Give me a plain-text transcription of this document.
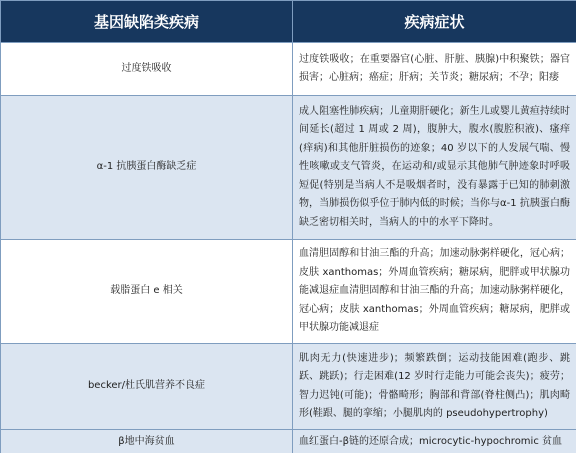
基因缺陷类疾病	疾病症状
过度铁吸收	过度铁吸收；在重要器官(心脏、肝脏、胰腺)中积聚铁；器官损害；心脏病；癌症；肝病；关节炎；糖尿病；不孕；阳痿
α-1 抗胰蛋白酶缺乏症	成人阻塞性肺疾病；儿童期肝硬化；新生儿或婴儿黄疸持续时间延长(超过 1 周或 2 周)，腹肿大，腹水(腹腔积液)、瘙痒(痒病)和其他肝脏损伤的迹象；40 岁以下的人发展气喘、慢性咳嗽或支气管炎，在运动和/或显示其他肺气肿迹象时呼吸短促(特别是当病人不是吸烟者时，没有暴露于已知的肺刺激物，当肺损伤似乎位于肺内低的时候；当你与α-1 抗胰蛋白酶缺乏密切相关时，当病人的中的水平下降时。
载脂蛋白 e 相关	血清胆固醇和甘油三酯的升高；加速动脉粥样硬化，冠心病；皮肤 xanthomas；外周血管疾病；糖尿病，肥胖或甲状腺功能减退症血清胆固醇和甘油三酯的升高；加速动脉粥样硬化，冠心病；皮肤 xanthomas；外周血管疾病；糖尿病，肥胖或甲状腺功能减退症
becker/杜氏肌营养不良症	肌肉无力(快速进步)；频繁跌倒；运动技能困难(跑步、跳跃、跳跃)；行走困难(12 岁时行走能力可能会丧失)；疲劳；智力迟钝(可能)；骨骼畸形；胸部和背部(脊柱侧凸)；肌肉畸形(鞋跟、腿的挛缩；小腿肌肉的 pseudohypertrophy)
β地中海贫血	血红蛋白-β链的还原合成；microcytic-hypochromic 贫血
